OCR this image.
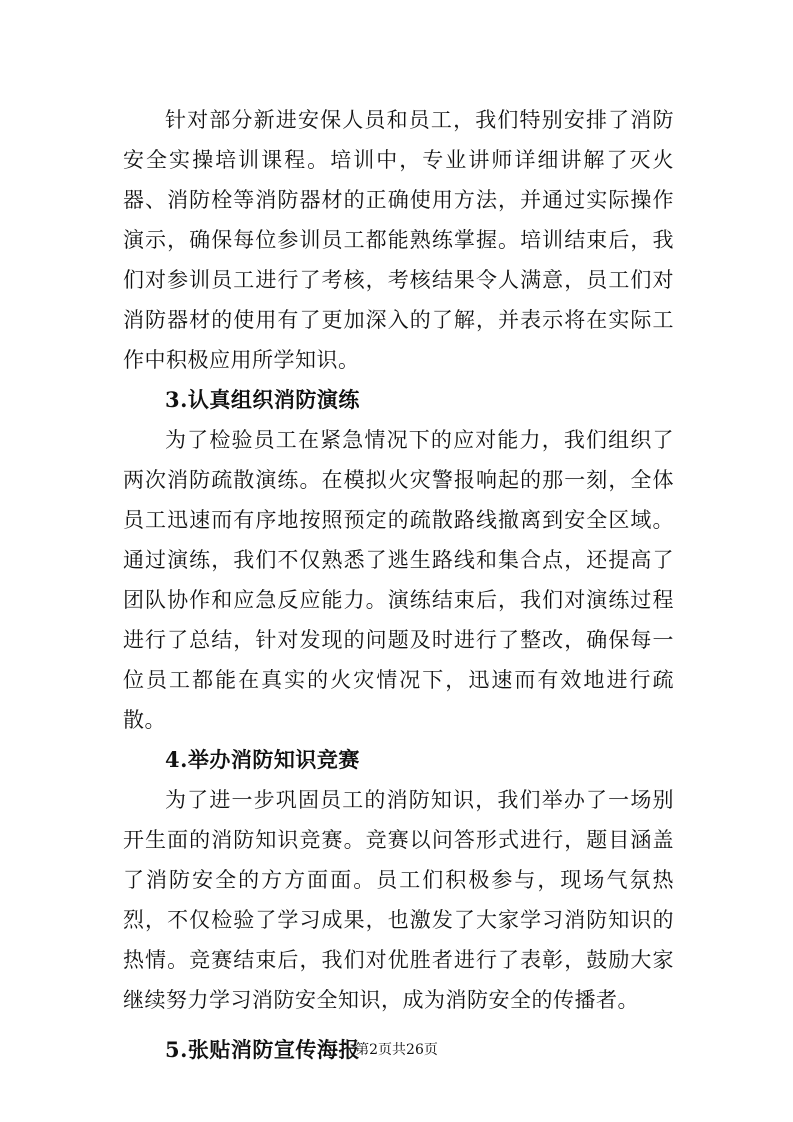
针对部分新进安保人员和员工，我们特别安排了消防安全实操培训课程。培训中，专业讲师详细讲解了灭火器、消防栓等消防器材的正确使用方法，并通过实际操作演示，确保每位参训员工都能熟练掌握。培训结束后，我们对参训员工进行了考核，考核结果令人满意，员工们对消防器材的使用有了更加深入的了解，并表示将在实际工作中积极应用所学知识。

3.认真组织消防演练

为了检验员工在紧急情况下的应对能力，我们组织了两次消防疏散演练。在模拟火灾警报响起的那一刻，全体员工迅速而有序地按照预定的疏散路线撤离到安全区域。通过演练，我们不仅熟悉了逃生路线和集合点，还提高了团队协作和应急反应能力。演练结束后，我们对演练过程进行了总结，针对发现的问题及时进行了整改，确保每一位员工都能在真实的火灾情况下，迅速而有效地进行疏散。

4.举办消防知识竞赛

为了进一步巩固员工的消防知识，我们举办了一场别开生面的消防知识竞赛。竞赛以问答形式进行，题目涵盖了消防安全的方方面面。员工们积极参与，现场气氛热烈，不仅检验了学习成果，也激发了大家学习消防知识的热情。竞赛结束后，我们对优胜者进行了表彰，鼓励大家继续努力学习消防安全知识，成为消防安全的传播者。

5.张贴消防宣传海报

第2页共26页
